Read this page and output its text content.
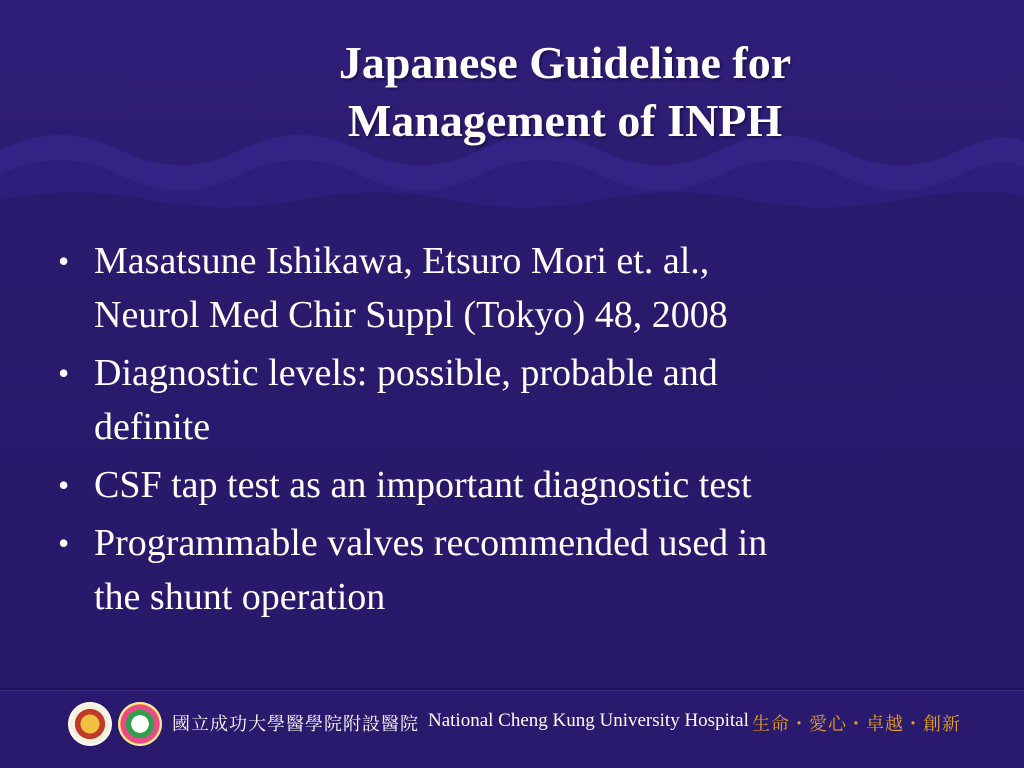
Japanese Guideline for
Management of INPH
• Masatsune Ishikawa, Etsuro Mori et. al.,
Neurol Med Chir Suppl (Tokyo) 48, 2008
• Diagnostic levels: possible, probable and
definite
• CSF tap test as an important diagnostic test
• Programmable valves recommended used in
the shunt operation
國立成功大學醫學院附設醫院 National Cheng Kung University Hospital 生命・愛心・卓越・創新
